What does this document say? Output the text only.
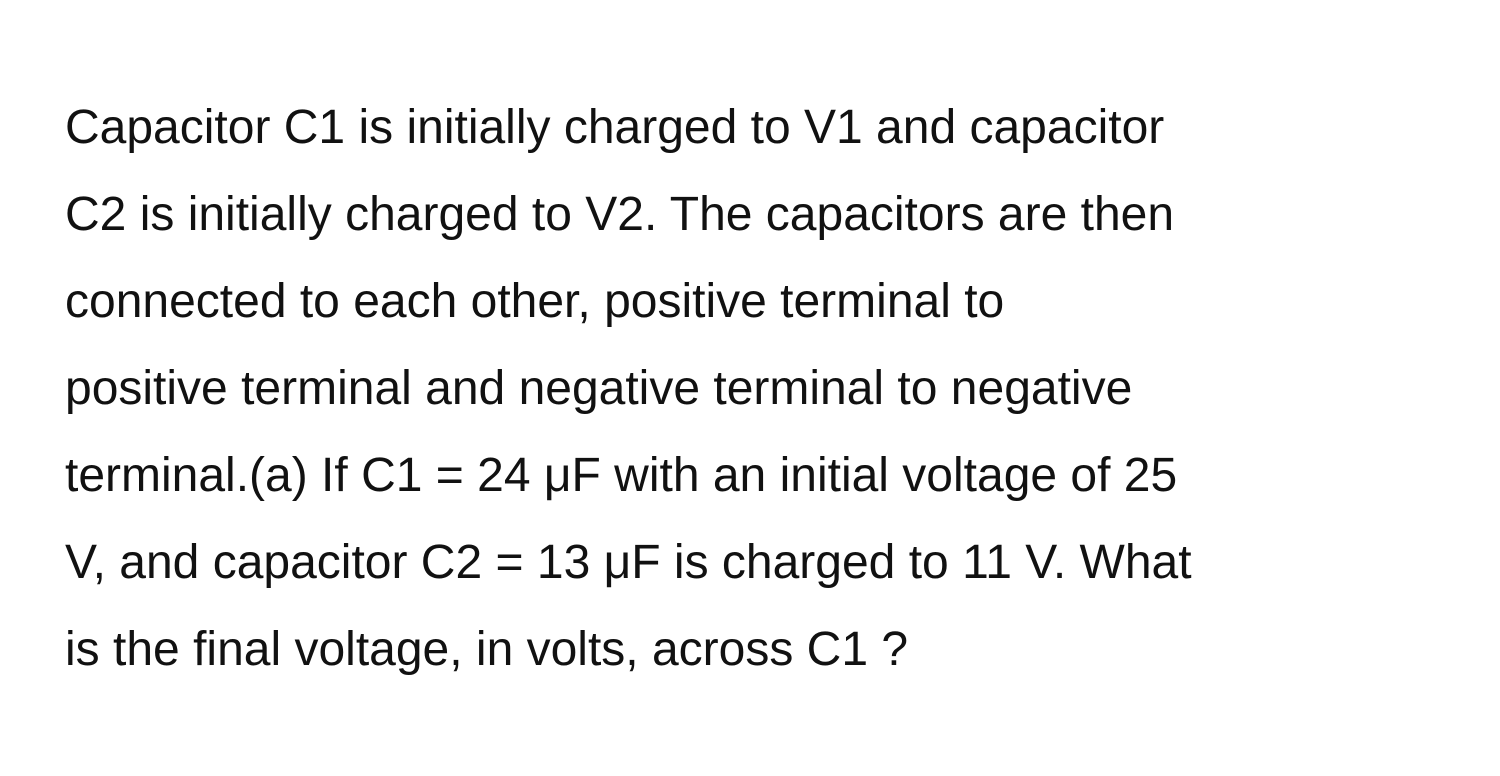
Capacitor C1 is initially charged to V1 and capacitor
C2 is initially charged to V2. The capacitors are then
connected to each other, positive terminal to
positive terminal and negative terminal to negative
terminal.(a) If C1 = 24 μF with an initial voltage of 25
V, and capacitor C2 = 13 μF is charged to 11 V. What
is the final voltage, in volts, across C1 ?
